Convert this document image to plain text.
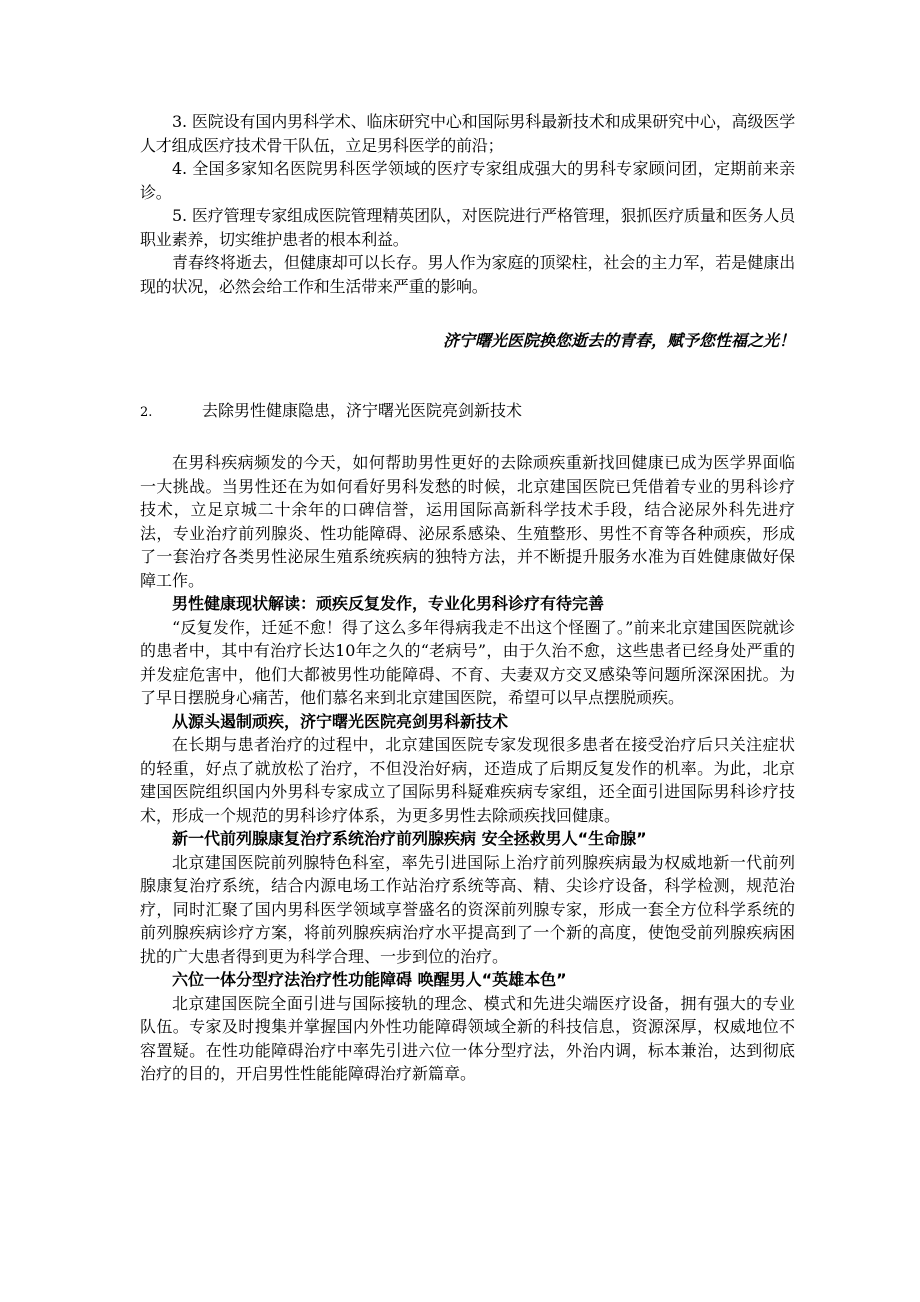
3. 医院设有国内男科学术、临床研究中心和国际男科最新技术和成果研究中心，高级医学人才组成医疗技术骨干队伍，立足男科医学的前沿；

4. 全国多家知名医院男科医学领域的医疗专家组成强大的男科专家顾问团，定期前来亲诊。

5. 医疗管理专家组成医院管理精英团队，对医院进行严格管理，狠抓医疗质量和医务人员职业素养，切实维护患者的根本利益。

青春终将逝去，但健康却可以长存。男人作为家庭的顶梁柱，社会的主力军，若是健康出现的状况，必然会给工作和生活带来严重的影响。

济宁曙光医院换您逝去的青春，赋予您性福之光！

2.	去除男性健康隐患，济宁曙光医院亮剑新技术

在男科疾病频发的今天，如何帮助男性更好的去除顽疾重新找回健康已成为医学界面临一大挑战。当男性还在为如何看好男科发愁的时候，北京建国医院已凭借着专业的男科诊疗技术，立足京城二十余年的口碑信誉，运用国际高新科学技术手段，结合泌尿外科先进疗法，专业治疗前列腺炎、性功能障碍、泌尿系感染、生殖整形、男性不育等各种顽疾，形成了一套治疗各类男性泌尿生殖系统疾病的独特方法，并不断提升服务水准为百姓健康做好保障工作。

男性健康现状解读：顽疾反复发作，专业化男科诊疗有待完善

“反复发作，迁延不愈！得了这么多年得病我走不出这个怪圈了。”前来北京建国医院就诊的患者中，其中有治疗长达10年之久的“老病号”，由于久治不愈，这些患者已经身处严重的并发症危害中，他们大都被男性功能障碍、不育、夫妻双方交叉感染等问题所深深困扰。为了早日摆脱身心痛苦，他们慕名来到北京建国医院，希望可以早点摆脱顽疾。

从源头遏制顽疾，济宁曙光医院亮剑男科新技术

在长期与患者治疗的过程中，北京建国医院专家发现很多患者在接受治疗后只关注症状的轻重，好点了就放松了治疗，不但没治好病，还造成了后期反复发作的机率。为此，北京建国医院组织国内外男科专家成立了国际男科疑难疾病专家组，还全面引进国际男科诊疗技术，形成一个规范的男科诊疗体系，为更多男性去除顽疾找回健康。

新一代前列腺康复治疗系统治疗前列腺疾病 安全拯救男人“生命腺”

北京建国医院前列腺特色科室，率先引进国际上治疗前列腺疾病最为权威地新一代前列腺康复治疗系统，结合内源电场工作站治疗系统等高、精、尖诊疗设备，科学检测，规范治疗，同时汇聚了国内男科医学领域享誉盛名的资深前列腺专家，形成一套全方位科学系统的前列腺疾病诊疗方案，将前列腺疾病治疗水平提高到了一个新的高度，使饱受前列腺疾病困扰的广大患者得到更为科学合理、一步到位的治疗。

六位一体分型疗法治疗性功能障碍 唤醒男人“英雄本色”

北京建国医院全面引进与国际接轨的理念、模式和先进尖端医疗设备，拥有强大的专业队伍。专家及时搜集并掌握国内外性功能障碍领域全新的科技信息，资源深厚，权威地位不容置疑。在性功能障碍治疗中率先引进六位一体分型疗法，外治内调，标本兼治，达到彻底治疗的目的，开启男性性能能障碍治疗新篇章。
